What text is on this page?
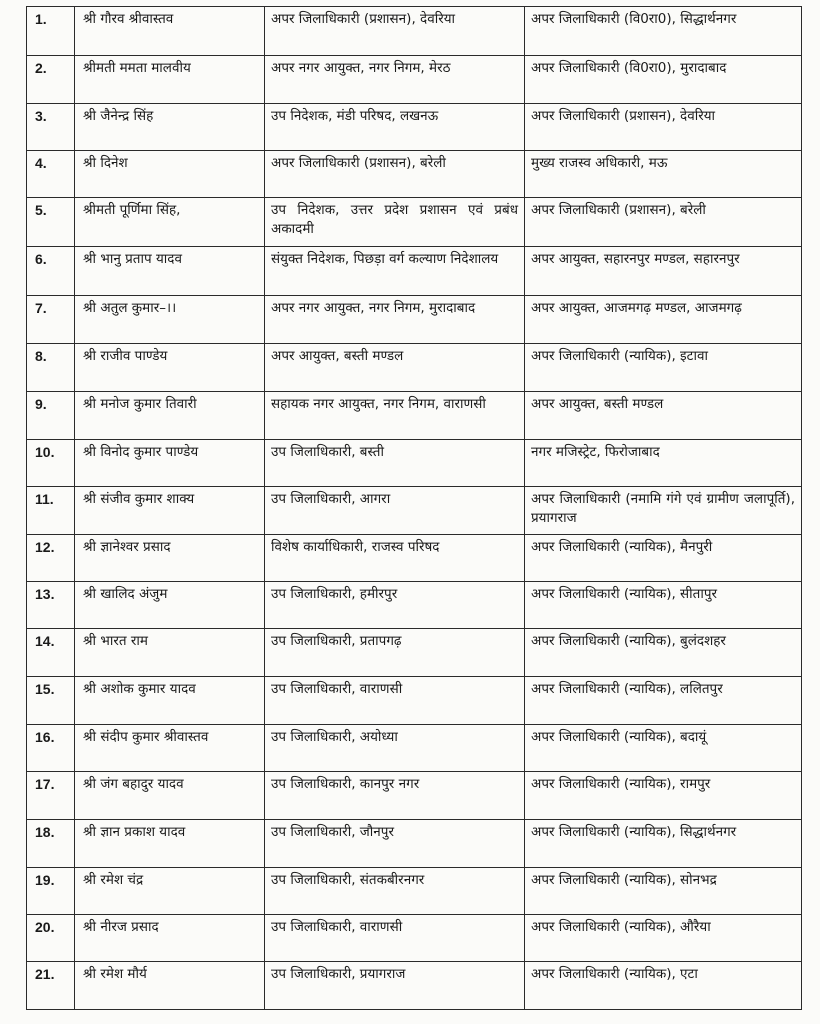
1.	श्री गौरव श्रीवास्तव	अपर जिलाधिकारी (प्रशासन), देवरिया	अपर जिलाधिकारी (वि0रा0), सिद्धार्थनगर
2.	श्रीमती ममता मालवीय	अपर नगर आयुक्त, नगर निगम, मेरठ	अपर जिलाधिकारी (वि0रा0), मुरादाबाद
3.	श्री जैनेन्द्र सिंह	उप निदेशक, मंडी परिषद, लखनऊ	अपर जिलाधिकारी (प्रशासन), देवरिया
4.	श्री दिनेश	अपर जिलाधिकारी (प्रशासन), बरेली	मुख्य राजस्व अधिकारी, मऊ
5.	श्रीमती पूर्णिमा सिंह,	उप निदेशक, उत्तर प्रदेश प्रशासन एवं प्रबंध अकादमी	अपर जिलाधिकारी (प्रशासन), बरेली
6.	श्री भानु प्रताप यादव	संयुक्त निदेशक, पिछड़ा वर्ग कल्याण निदेशालय	अपर आयुक्त, सहारनपुर मण्डल, सहारनपुर
7.	श्री अतुल कुमार–।।	अपर नगर आयुक्त, नगर निगम, मुरादाबाद	अपर आयुक्त, आजमगढ़ मण्डल, आजमगढ़
8.	श्री राजीव पाण्डेय	अपर आयुक्त, बस्ती मण्डल	अपर जिलाधिकारी (न्यायिक), इटावा
9.	श्री मनोज कुमार तिवारी	सहायक नगर आयुक्त, नगर निगम, वाराणसी	अपर आयुक्त, बस्ती मण्डल
10.	श्री विनोद कुमार पाण्डेय	उप जिलाधिकारी, बस्ती	नगर मजिस्ट्रेट, फिरोजाबाद
11.	श्री संजीव कुमार शाक्य	उप जिलाधिकारी, आगरा	अपर जिलाधिकारी (नमामि गंगे एवं ग्रामीण जलापूर्ति), प्रयागराज
12.	श्री ज्ञानेश्वर प्रसाद	विशेष कार्याधिकारी, राजस्व परिषद	अपर जिलाधिकारी (न्यायिक), मैनपुरी
13.	श्री खालिद अंजुम	उप जिलाधिकारी, हमीरपुर	अपर जिलाधिकारी (न्यायिक), सीतापुर
14.	श्री भारत राम	उप जिलाधिकारी, प्रतापगढ़	अपर जिलाधिकारी (न्यायिक), बुलंदशहर
15.	श्री अशोक कुमार यादव	उप जिलाधिकारी, वाराणसी	अपर जिलाधिकारी (न्यायिक), ललितपुर
16.	श्री संदीप कुमार श्रीवास्तव	उप जिलाधिकारी, अयोध्या	अपर जिलाधिकारी (न्यायिक), बदायूं
17.	श्री जंग बहादुर यादव	उप जिलाधिकारी, कानपुर नगर	अपर जिलाधिकारी (न्यायिक), रामपुर
18.	श्री ज्ञान प्रकाश यादव	उप जिलाधिकारी, जौनपुर	अपर जिलाधिकारी (न्यायिक), सिद्धार्थनगर
19.	श्री रमेश चंद्र	उप जिलाधिकारी, संतकबीरनगर	अपर जिलाधिकारी (न्यायिक), सोनभद्र
20.	श्री नीरज प्रसाद	उप जिलाधिकारी, वाराणसी	अपर जिलाधिकारी (न्यायिक), औरैया
21.	श्री रमेश मौर्य	उप जिलाधिकारी, प्रयागराज	अपर जिलाधिकारी (न्यायिक), एटा
